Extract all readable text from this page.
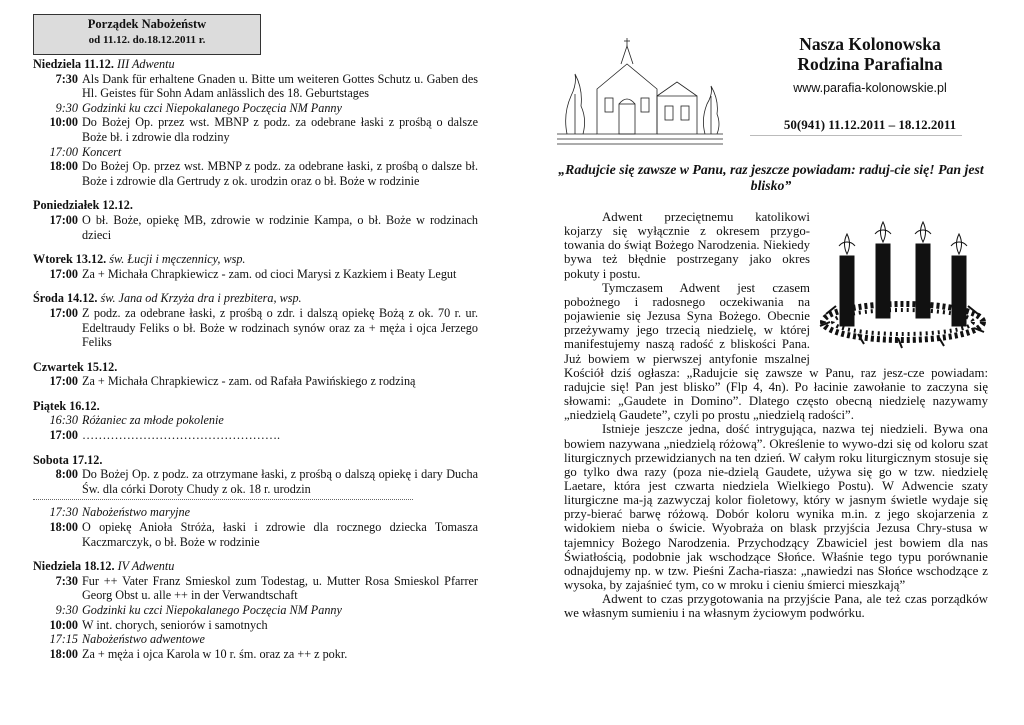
Porządek Nabożeństw
od 11.12. do.18.12.2011 r.
Niedziela 11.12. III Adwentu
7:30 Als Dank für erhaltene Gnaden u. Bitte um weiteren Gottes Schutz u. Gaben des Hl. Geistes für Sohn Adam anlässlich des 18. Geburtstages
9:30 Godzinki ku czci Niepokalanego Poczęcia NM Panny
10:00 Do Bożej Op. przez wst. MBNP z podz. za odebrane łaski z prośbą o dalsze Boże bł. i zdrowie dla rodziny
17:00 Koncert
18:00 Do Bożej Op. przez wst. MBNP z podz. za odebrane łaski, z prośbą o dalsze bł. Boże i zdrowie dla Gertrudy z ok. urodzin oraz o bł. Boże w rodzinie
Poniedziałek 12.12.
17:00 O bł. Boże, opiekę MB, zdrowie w rodzinie Kampa, o bł. Boże w rodzinach dzieci
Wtorek 13.12. św. Łucji i męczennicy, wsp.
17:00 Za + Michała Chrapkiewicz - zam. od cioci Marysi z Kazkiem i Beaty Legut
Środa 14.12. św. Jana od Krzyża dra i prezbitera, wsp.
17:00 Z podz. za odebrane łaski, z prośbą o zdr. i dalszą opiekę Bożą z ok. 70 r. ur. Edeltraudy Feliks o bł. Boże w rodzinach synów oraz za + męża i ojca Jerzego Feliks
Czwartek 15.12.
17:00 Za + Michała Chrapkiewicz - zam. od Rafała Pawińskiego z rodziną
Piątek 16.12.
16:30 Różaniec za młode pokolenie
17:00 ………………………………………….
Sobota 17.12.
8:00 Do Bożej Op. z podz. za otrzymane łaski, z prośbą o dalszą opiekę i dary Ducha Św. dla córki Doroty Chudy z ok. 18 r. urodzin
17:30 Nabożeństwo maryjne
18:00 O opiekę Anioła Stróża, łaski i zdrowie dla rocznego dziecka Tomasza Kaczmarczyk, o bł. Boże w rodzinie
Niedziela 18.12. IV Adwentu
7:30 Fur ++ Vater Franz Smieskol zum Todestag, u. Mutter Rosa Smieskol Pfarrer Georg Obst u. alle ++ in der Verwandtschaft
9:30 Godzinki ku czci Niepokalanego Poczęcia NM Panny
10:00 W int. chorych, seniorów i samotnych
17:15 Nabożeństwo adwentowe
18:00 Za + męża i ojca Karola w 10 r. śm. oraz za ++ z pokr.
Nasza Kolonowska
Rodzina Parafialna
www.parafia-kolonowskie.pl
50(941) 11.12.2011 – 18.12.2011
„Radujcie się zawsze w Panu, raz jeszcze powiadam: raduj-cie się! Pan jest blisko”

Adwent przeciętnemu katolikowi kojarzy się wyłącznie z okresem przygo-towania do świąt Bożego Narodzenia. Niekiedy bywa też błędnie postrzegany jako okres pokuty i postu.

Tymczasem Adwent jest czasem pobożnego i radosnego oczekiwania na pojawienie się Jezusa Syna Bożego. Obecnie przeżywamy jego trzecią niedzielę, w której manifestujemy naszą radość z bliskości Pana. Już bowiem w pierwszej antyfonie mszalnej Kościół dziś ogłasza: „Radujcie się zawsze w Panu, raz jesz-cze powiadam: radujcie się! Pan jest blisko” (Flp 4, 4n). Po łacinie zawołanie to zaczyna się słowami: „Gaudete in Domino”. Dlatego często obecną niedzielę nazywamy „niedzielą Gaudete”, czyli po prostu „niedzielą radości”.

Istnieje jeszcze jedna, dość intrygująca, nazwa tej niedzieli. Bywa ona bowiem nazywana „niedzielą różową”. Określenie to wywo-dzi się od koloru szat liturgicznych przewidzianych na ten dzień. W całym roku liturgicznym stosuje się go tylko dwa razy (poza nie-dzielą Gaudete, używa się go w tzw. niedzielę Laetare, która jest czwarta niedziela Wielkiego Postu). W Adwencie szaty liturgiczne ma-ją zazwyczaj kolor fioletowy, który w jasnym świetle wydaje się przy-bierać barwę różową. Dobór koloru wynika m.in. z jego skojarzenia z widokiem nieba o świcie. Wyobraża on blask przyjścia Jezusa Chry-stusa w tajemnicy Bożego Narodzenia. Przychodzący Zbawiciel jest bowiem dla nas Światłością, podobnie jak wschodzące Słońce. Właśnie tego typu porównanie odnajdujemy np. w tzw. Pieśni Zacha-riasza: „nawiedzi nas Słońce wschodzące z wysoka, by zajaśnieć tym, co w mroku i cieniu śmierci mieszkają”

Adwent to czas przygotowania na przyjście Pana, ale też czas porządków we własnym sumieniu i na własnym życiowym podwórku.
